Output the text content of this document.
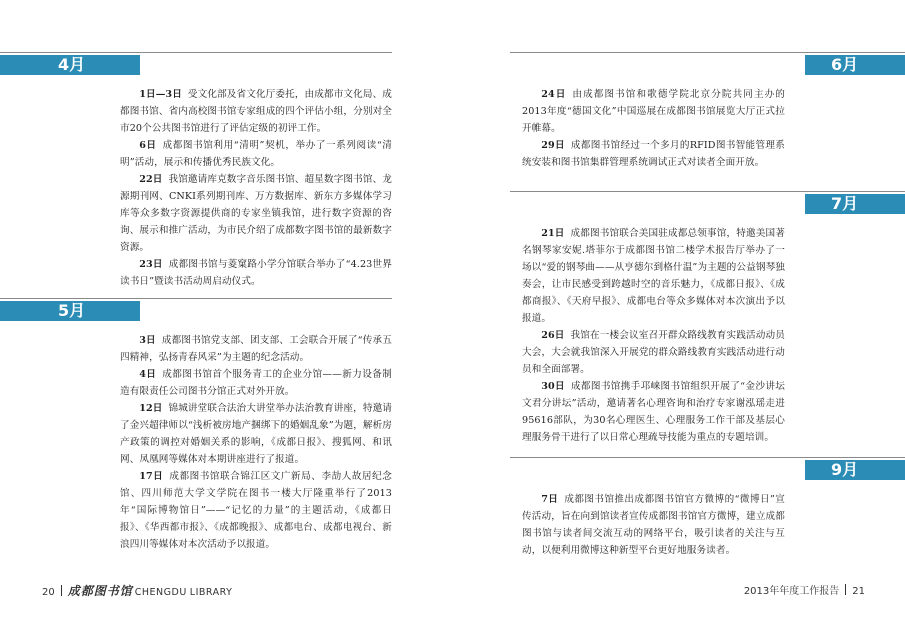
4月

1日—3日 受文化部及省文化厅委托，由成都市文化局、成都图书馆、省内高校图书馆专家组成的四个评估小组，分别对全市20个公共图书馆进行了评估定级的初评工作。

6日 成都图书馆利用“清明”契机，举办了一系列阅读“清明”活动，展示和传播优秀民族文化。

22日 我馆邀请库克数字音乐图书馆、超星数字图书馆、龙源期刊网、CNKI系列期刊库、万方数据库、新东方多媒体学习库等众多数字资源提供商的专家坐镇我馆，进行数字资源的咨询、展示和推广活动，为市民介绍了成都数字图书馆的最新数字资源。

23日 成都图书馆与菱窠路小学分馆联合举办了“4.23世界读书日”暨读书活动周启动仪式。

5月

3日 成都图书馆党支部、团支部、工会联合开展了“传承五四精神，弘扬青春风采”为主题的纪念活动。

4日 成都图书馆首个服务青工的企业分馆——新力设备制造有限责任公司图书分馆正式对外开放。

12日 锦城讲堂联合法治大讲堂举办法治教育讲座，特邀请了金兴超律师以“浅析被房地产捆绑下的婚姻乱象”为题，解析房产政策的调控对婚姻关系的影响，《成都日报》、搜狐网、和讯网、凤凰网等媒体对本期讲座进行了报道。

17日 成都图书馆联合锦江区文广新局、李劼人故居纪念馆、四川师范大学文学院在图书一楼大厅隆重举行了2013年“国际博物馆日”——“记忆的力量”的主题活动，《成都日报》、《华西都市报》、《成都晚报》、成都电台、成都电视台、新浪四川等媒体对本次活动予以报道。

20 成都图书馆 CHENGDU LIBRARY
6月

24日 由成都图书馆和歌德学院北京分院共同主办的2013年度“德国文化”中国巡展在成都图书馆展览大厅正式拉开帷幕。

29日 成都图书馆经过一个多月的RFID图书智能管理系统安装和图书馆集群管理系统调试正式对读者全面开放。

7月

21日 成都图书馆联合美国驻成都总领事馆，特邀美国著名钢琴家安妮.塔菲尔于成都图书馆二楼学术报告厅举办了一场以“爱的钢琴曲——从亨德尔到格什温”为主题的公益钢琴独奏会，让市民感受到跨越时空的音乐魅力，《成都日报》、《成都商报》、《天府早报》、成都电台等众多媒体对本次演出予以报道。

26日 我馆在一楼会议室召开群众路线教育实践活动动员大会，大会就我馆深入开展党的群众路线教育实践活动进行动员和全面部署。

30日 成都图书馆携手邛崃图书馆组织开展了“金沙讲坛文君分讲坛”活动，邀请著名心理咨询和治疗专家谢泓瑶走进95616部队，为30名心理医生、心理服务工作干部及基层心理服务骨干进行了以日常心理疏导技能为重点的专题培训。

9月

7日 成都图书馆推出成都图书馆官方微博的“微博日”宣传活动，旨在向到馆读者宣传成都图书馆官方微博，建立成都图书馆与读者间交流互动的网络平台，吸引读者的关注与互动，以便利用微博这种新型平台更好地服务读者。

2013年年度工作报告 21
